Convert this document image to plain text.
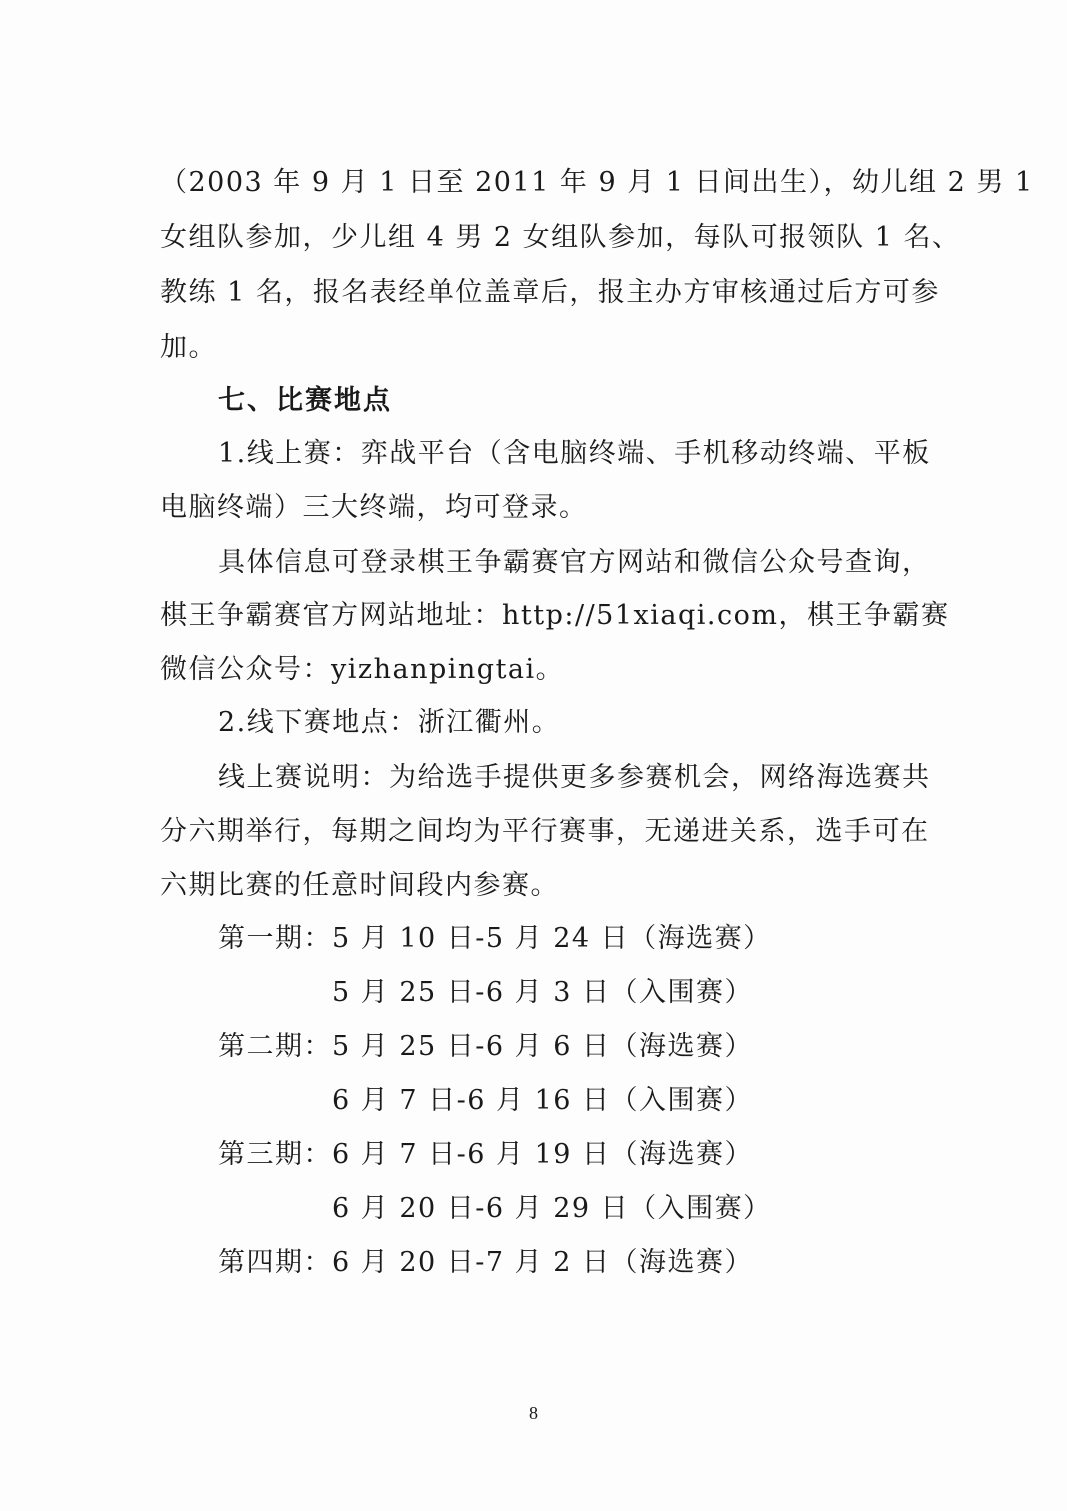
（2003 年 9 月 1 日至 2011 年 9 月 1 日间出生），幼儿组 2 男 1
女组队参加，少儿组 4 男 2 女组队参加，每队可报领队 1 名、
教练 1 名，报名表经单位盖章后，报主办方审核通过后方可参
加。
七、比赛地点
1.线上赛：弈战平台（含电脑终端、手机移动终端、平板
电脑终端）三大终端，均可登录。
具体信息可登录棋王争霸赛官方网站和微信公众号查询，
棋王争霸赛官方网站地址：http://51xiaqi.com，棋王争霸赛
微信公众号：yizhanpingtai。
2.线下赛地点：浙江衢州。
线上赛说明：为给选手提供更多参赛机会，网络海选赛共
分六期举行，每期之间均为平行赛事，无递进关系，选手可在
六期比赛的任意时间段内参赛。
第一期： 5 月 10 日-5 月 24 日（海选赛）
5 月 25 日-6 月 3 日（入围赛）
第二期： 5 月 25 日-6 月 6 日（海选赛）
6 月 7 日-6 月 16 日（入围赛）
第三期： 6 月 7 日-6 月 19 日（海选赛）
6 月 20 日-6 月 29 日（入围赛）
第四期： 6 月 20 日-7 月 2 日（海选赛）
8
